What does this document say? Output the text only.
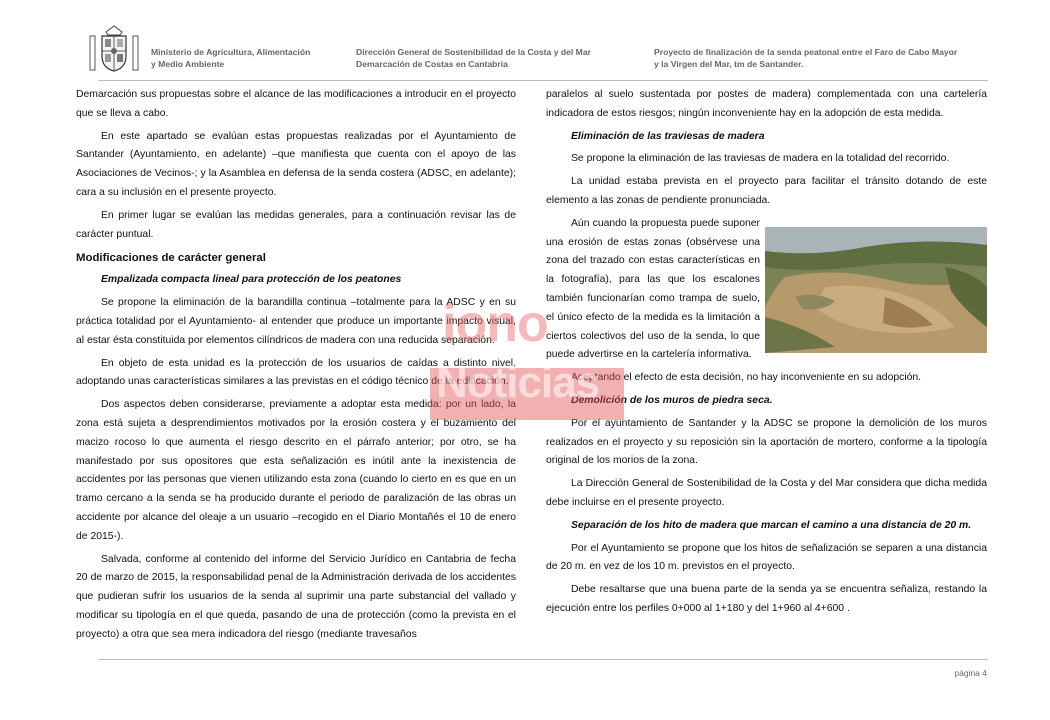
Ministerio de Agricultura, Alimentación
y Medio Ambiente
Dirección General de Sostenibilidad de la Costa y del Mar
Demarcación de Costas en Cantabria
Proyecto de finalización de la senda peatonal entre el Faro de Cabo Mayor
y la Virgen del Mar, tm de Santander.

Demarcación sus propuestas sobre el alcance de las modificaciones a introducir en el proyecto que se lleva a cabo.

En este apartado se evalúan estas propuestas realizadas por el Ayuntamiento de Santander (Ayuntamiento, en adelante) –que manifiesta que cuenta con el apoyo de las Asociaciones de Vecinos-; y la Asamblea en defensa de la senda costera (ADSC, en adelante); cara a su inclusión en el presente proyecto.

En primer lugar se evalúan las medidas generales, para a continuación revisar las de carácter puntual.

Modificaciones de carácter general

Empalizada compacta lineal para protección de los peatones

Se propone la eliminación de la barandilla continua –totalmente para la ADSC y en su práctica totalidad por el Ayuntamiento- al entender que produce un importante impacto visual, al estar ésta constituida por elementos cilíndricos de madera con una reducida separación.

En objeto de esta unidad es la protección de los usuarios de caídas a distinto nivel, adoptando unas características similares a las previstas en el código técnico de la edificación.

Dos aspectos deben considerarse, previamente a adoptar esta medida: por un lado, la zona está sujeta a desprendimientos motivados por la erosión costera y el buzamiento del macizo rocoso lo que aumenta el riesgo descrito en el párrafo anterior; por otro, se ha manifestado por sus opositores que esta señalización es inútil ante la inexistencia de accidentes por las personas que vienen utilizando esta zona (cuando lo cierto en es que en un tramo cercano a la senda se ha producido durante el periodo de paralización de las obras un accidente por alcance del oleaje a un usuario –recogido en el Diario Montañés el 10 de enero de 2015-).

Salvada, conforme al contenido del informe del Servicio Jurídico en Cantabria de fecha 20 de marzo de 2015, la responsabilidad penal de la Administración derivada de los accidentes que pudieran sufrir los usuarios de la senda al suprimir una parte substancial del vallado y modificar su tipología en el que queda, pasando de una de protección (como la prevista en el proyecto) a otra que sea mera indicadora del riesgo (mediante travesaños

paralelos al suelo sustentada por postes de madera) complementada con una cartelería indicadora de estos riesgos; ningún inconveniente hay en la adopción de esta medida.

Eliminación de las traviesas de madera

Se propone la eliminación de las traviesas de madera en la totalidad del recorrido.

La unidad estaba prevista en el proyecto para facilitar el tránsito dotando de este elemento a las zonas de pendiente pronunciada.

Aún cuando la propuesta puede suponer una erosión de estas zonas (obsérvese una zona del trazado con estas características en la fotografía), para las que los escalones también funcionarían como trampa de suelo, el único efecto de la medida es la limitación a ciertos colectivos del uso de la senda, lo que puede advertirse en la cartelería informativa.

Aceptando el efecto de esta decisión, no hay inconveniente en su adopción.

Demolición de los muros de piedra seca.

Por el ayuntamiento de Santander y la ADSC se propone la demolición de los muros realizados en el proyecto y su reposición sin la aportación de mortero, conforme a la tipología original de los morios de la zona.

La Dirección General de Sostenibilidad de la Costa y del Mar considera que dicha medida debe incluirse en el presente proyecto.

Separación de los hito de madera que marcan el camino a una distancia de 20 m.

Por el Ayuntamiento se propone que los hitos de señalización se separen a una distancia de 20 m. en vez de los 10 m. previstos en el proyecto.

Debe resaltarse que una buena parte de la senda ya se encuentra señaliza, restando la ejecución entre los perfiles 0+000 al 1+180 y del 1+960 al 4+600 .

iono
Noticias
página 4
